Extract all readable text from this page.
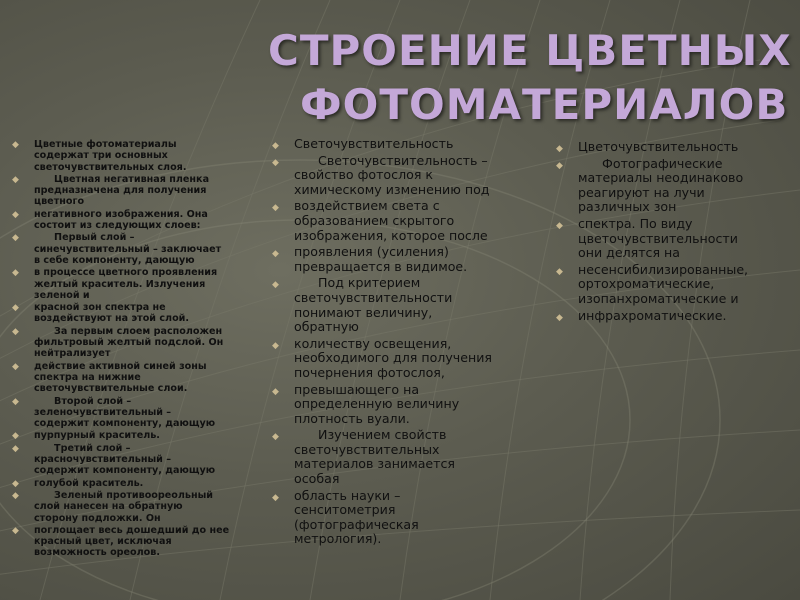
СТРОЕНИЕ ЦВЕТНЫХ
ФОТОМАТЕРИАЛОВ
◆ Цветные фотоматериалы
содержат три основных
светочувствительных слоя.
◆	Цветная негативная пленка
предназначена для получения
цветного
◆ негативного изображения. Она
состоит из следующих слоев:
◆	Первый слой –
синечувствительный – заключает
в себе компоненту, дающую
◆ в процессе цветного проявления
желтый краситель. Излучения
зеленой и
◆ красной зон спектра не
воздействуют на этой слой.
◆	За первым слоем расположен
фильтровый желтый подслой. Он
нейтрализует
◆ действие активной синей зоны
спектра на нижние
светочувствительные слои.
◆	Второй слой –
зеленочувствительный –
содержит компоненту, дающую
◆ пурпурный краситель.
◆	Третий слой –
красночувствительный –
содержит компоненту, дающую
◆ голубой краситель.
◆	Зеленый противоореольный
слой нанесен на обратную
сторону подложки. Он
◆ поглощает весь дошедший до нее
красный цвет, исключая
возможность ореолов.
◆ Светочувствительность
◆	Светочувствительность –
свойство фотослоя к
химическому изменению под
◆ воздействием света с
образованием скрытого
изображения, которое после
◆ проявления (усиления)
превращается в видимое.
◆	Под критерием
светочувствительности
понимают величину,
обратную
◆ количеству освещения,
необходимого для получения
почернения фотослоя,
◆ превышающего на
определенную величину
плотность вуали.
◆	Изучением свойств
светочувствительных
материалов занимается
особая
◆ область науки –
сенситометрия
(фотографическая
метрология).
◆ Цветочувствительность
◆	Фотографические
материалы неодинаково
реагируют на лучи
различных зон
◆ спектра. По виду
цветочувствительности
они делятся на
◆ несенсибилизированные,
ортохроматические,
изопанхроматическиe и
◆ инфрахроматические.
